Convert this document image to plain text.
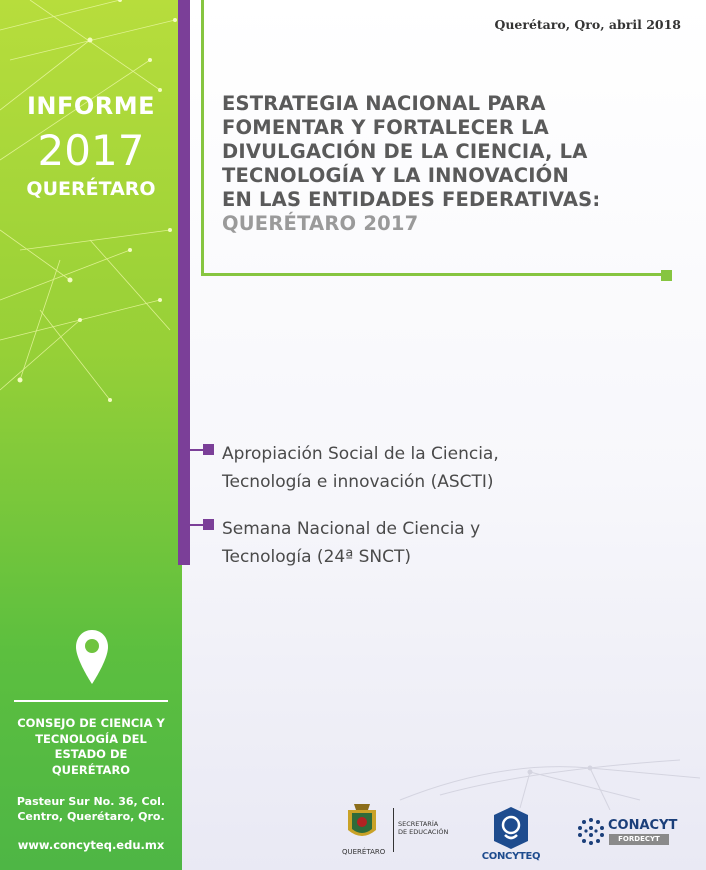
INFORME
2017
QUERÉTARO
CONSEJO DE CIENCIA Y
TECNOLOGÍA DEL
ESTADO DE
QUERÉTARO
Pasteur Sur No. 36, Col.
Centro, Querétaro, Qro.
www.concyteq.edu.mx
Querétaro, Qro, abril 2018
ESTRATEGIA NACIONAL PARA
FOMENTAR Y FORTALECER LA
DIVULGACIÓN DE LA CIENCIA, LA
TECNOLOGÍA Y LA INNOVACIÓN
EN LAS ENTIDADES FEDERATIVAS:
QUERÉTARO 2017
Apropiación Social de la Ciencia,
Tecnología e innovación (ASCTI)
Semana Nacional de Ciencia y
Tecnología (24ª SNCT)
SECRETARÍA
DE EDUCACIÓN
QUERÉTARO	CONCYTEQ
CONACYT
FORDECYT
